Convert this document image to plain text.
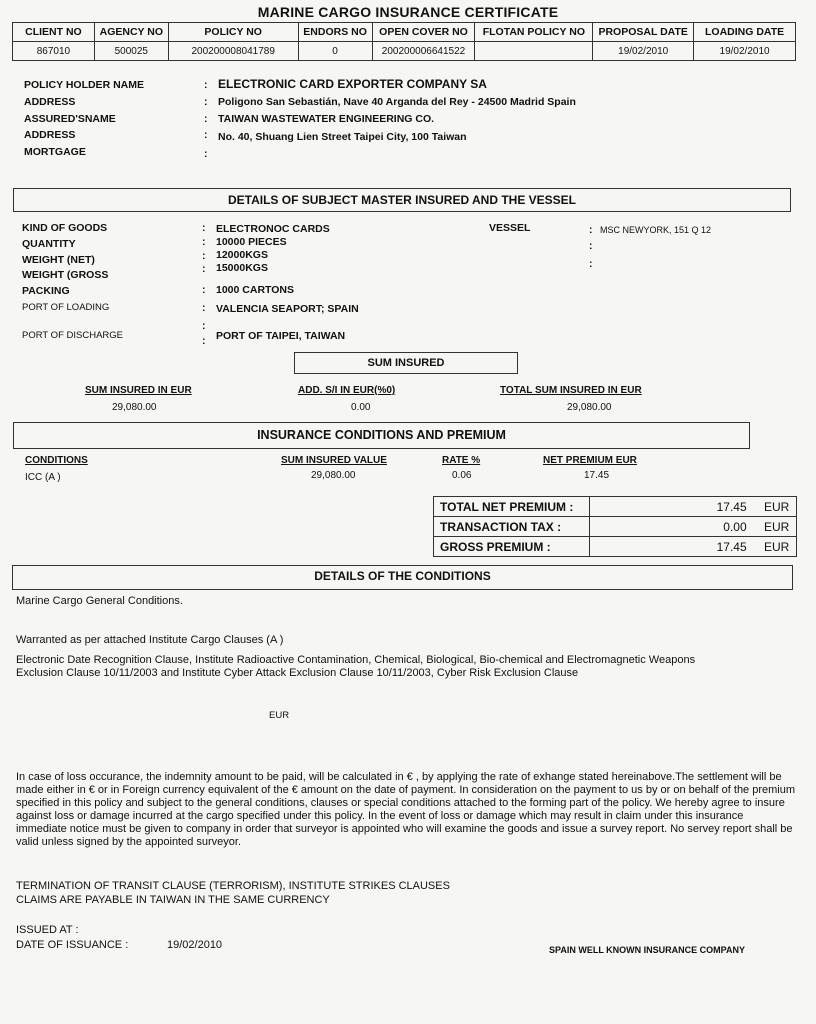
MARINE CARGO INSURANCE CERTIFICATE
CLIENT NO	AGENCY NO	POLICY NO	ENDORS NO	OPEN COVER NO	FLOTAN POLICY NO	PROPOSAL DATE	LOADING DATE
867010	500025	200200008041789	0	200200006641522		19/02/2010	19/02/2010
POLICY HOLDER NAME	: ELECTRONIC CARD EXPORTER COMPANY SA
ADDRESS	: Poligono San Sebastián, Nave 40 Arganda del Rey - 24500 Madrid Spain
ASSURED'SNAME	: TAIWAN WASTEWATER ENGINEERING CO.
ADDRESS	: No. 40, Shuang Lien Street Taipei City, 100 Taiwan
MORTGAGE	:
DETAILS OF SUBJECT MASTER INSURED AND THE VESSEL
KIND OF GOODS	: ELECTRONOC CARDS
QUANTITY	: 10000 PIECES
WEIGHT (NET)	: 12000KGS
WEIGHT (GROSS	: 15000KGS
PACKING	: 1000 CARTONS
PORT OF LOADING	: VALENCIA SEAPORT; SPAIN
PORT OF DISCHARGE
:
: PORT OF TAIPEI, TAIWAN
VESSEL	: MSC NEWYORK, 151 Q 12
:
:
SUM INSURED
SUM INSURED IN EUR
29,080.00
ADD. S/I IN EUR(%0)
0.00
TOTAL SUM INSURED IN EUR
29,080.00
INSURANCE CONDITIONS AND PREMIUM
CONDITIONS	SUM INSURED VALUE	RATE %	NET PREMIUM EUR
ICC (A )	29,080.00	0.06	17.45
TOTAL NET PREMIUM :	17.45 EUR
TRANSACTION TAX :	0.00 EUR
GROSS PREMIUM :	17.45 EUR
DETAILS OF THE CONDITIONS
Marine Cargo General Conditions.
Warranted as per attached Institute Cargo Clauses (A )
Electronic Date Recognition Clause, Institute Radioactive Contamination, Chemical, Biological, Bio-chemical and Electromagnetic Weapons
Exclusion Clause 10/11/2003 and Institute Cyber Attack Exclusion Clause 10/11/2003, Cyber Risk Exclusion Clause
EUR
In case of loss occurance, the indemnity amount to be paid, will be calculated in € , by applying the rate of exhange stated hereinabove.The settlement will be made either in € or in Foreign currency equivalent of the € amount on the date of payment. In consideration on the payment to us by or on behalf of the premium specified in this policy and subject to the general conditions, clauses or special conditions attached to the forming part of the policy. We hereby agree to insure against loss or damage incurred at the cargo specified under this policy. In the event of loss or damage which may result in claim under this insurance immediate notice must be given to company in order that surveyor is appointed who will examine the goods and issue a survey report. No servey report shall be valid unless signed by the appointed surveyor.
TERMINATION OF TRANSIT CLAUSE (TERRORISM), INSTITUTE STRIKES CLAUSES
CLAIMS ARE PAYABLE IN TAIWAN IN THE SAME CURRENCY
ISSUED AT :
DATE OF ISSUANCE :	19/02/2010	SPAIN WELL KNOWN INSURANCE COMPANY
